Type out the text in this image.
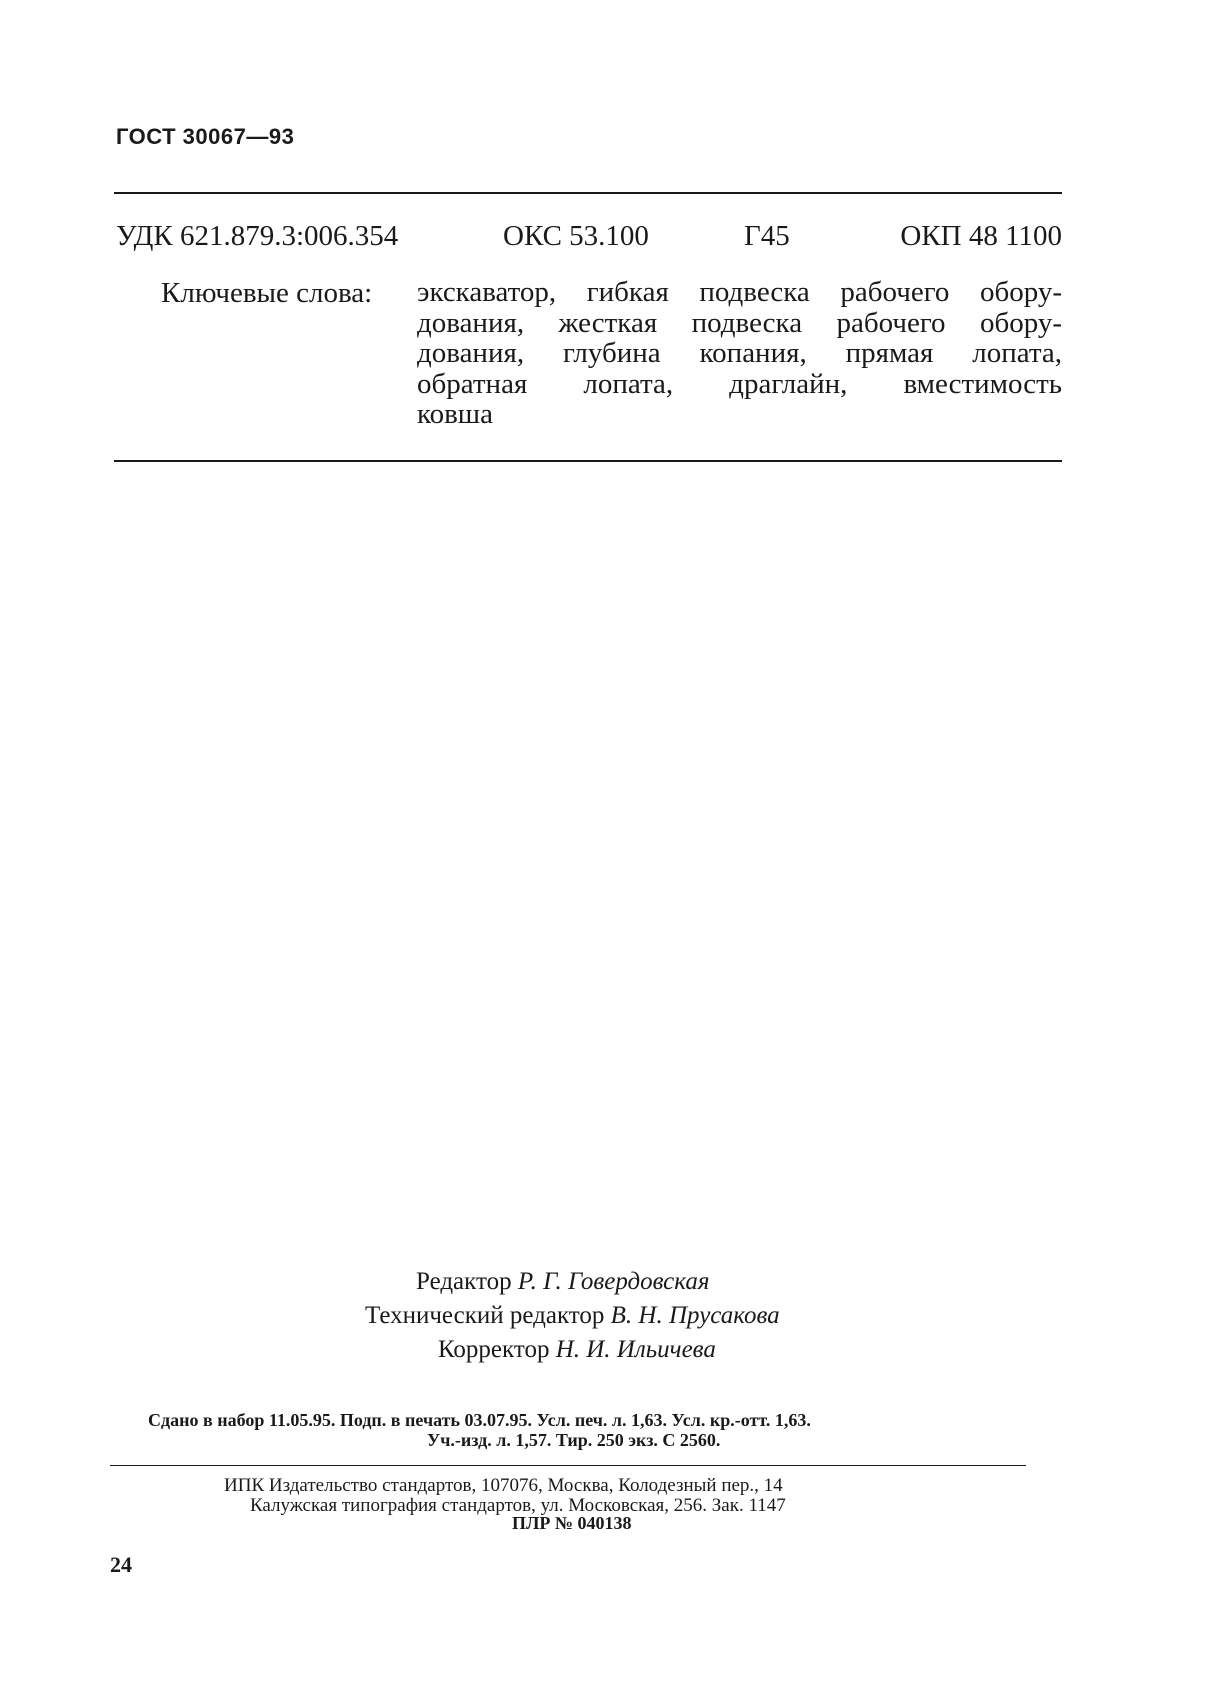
ГОСТ 30067—93
УДК 621.879.3:006.354	ОКС 53.100	Г45	ОКП 48 1100
Ключевые слова: экскаватор, гибкая подвеска рабочего обору-
дования, жесткая подвеска рабочего обору-
дования, глубина копания, прямая лопата,
обратная лопата, драглайн, вместимость
ковша
Редактор Р. Г. Говердовская
Технический редактор В. Н. Прусакова
Корректор Н. И. Ильичева
Сдано в набор 11.05.95. Подп. в печать 03.07.95. Усл. печ. л. 1,63. Усл. кр.-отт. 1,63.
Уч.-изд. л. 1,57. Тир. 250 экз. С 2560.
ИПК Издательство стандартов, 107076, Москва, Колодезный пер., 14
Калужская типография стандартов, ул. Московская, 256. Зак. 1147
ПЛР № 040138
24
